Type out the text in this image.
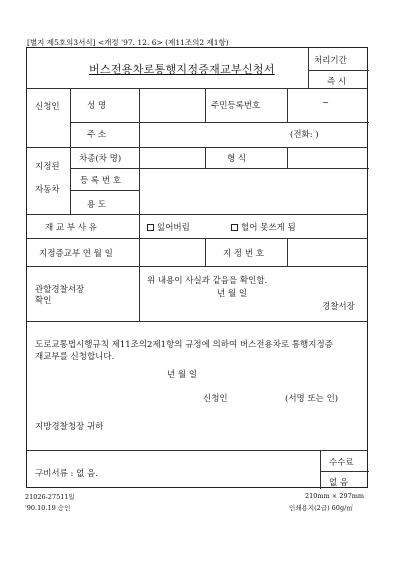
[별지 제5호의3서식] <개정 '97. 12. 6> (제11조의2 제1항)
버스전용차로통행지정증재교부신청서
처리기간
즉 시
신청인	성 명	주민등록번호	~
주 소	(전화: )
지정된
자동차
차종(차 명)	형 식
등 록 번 호
용 도
재 교 부 사 유	잃어버림	헐어 못쓰게 됨
지정증교부 연 월 일	지 정 번 호
관할경찰서장
확인
위 내용이 사실과 같음을 확인함.
년 월 일
경찰서장
도로교통법시행규칙 제11조의2제1항의 규정에 의하여 버스전용차로 통행지정증
재교부를 신청합니다.
년 월 일
신청인	(서명 또는 인)
지방경찰청장 귀하
구비서류 : 없 음.
수수료
없 음
21026-27511일
'90.10.19 승인
210mm × 297mm
인쇄용지(2급) 60g/㎡
